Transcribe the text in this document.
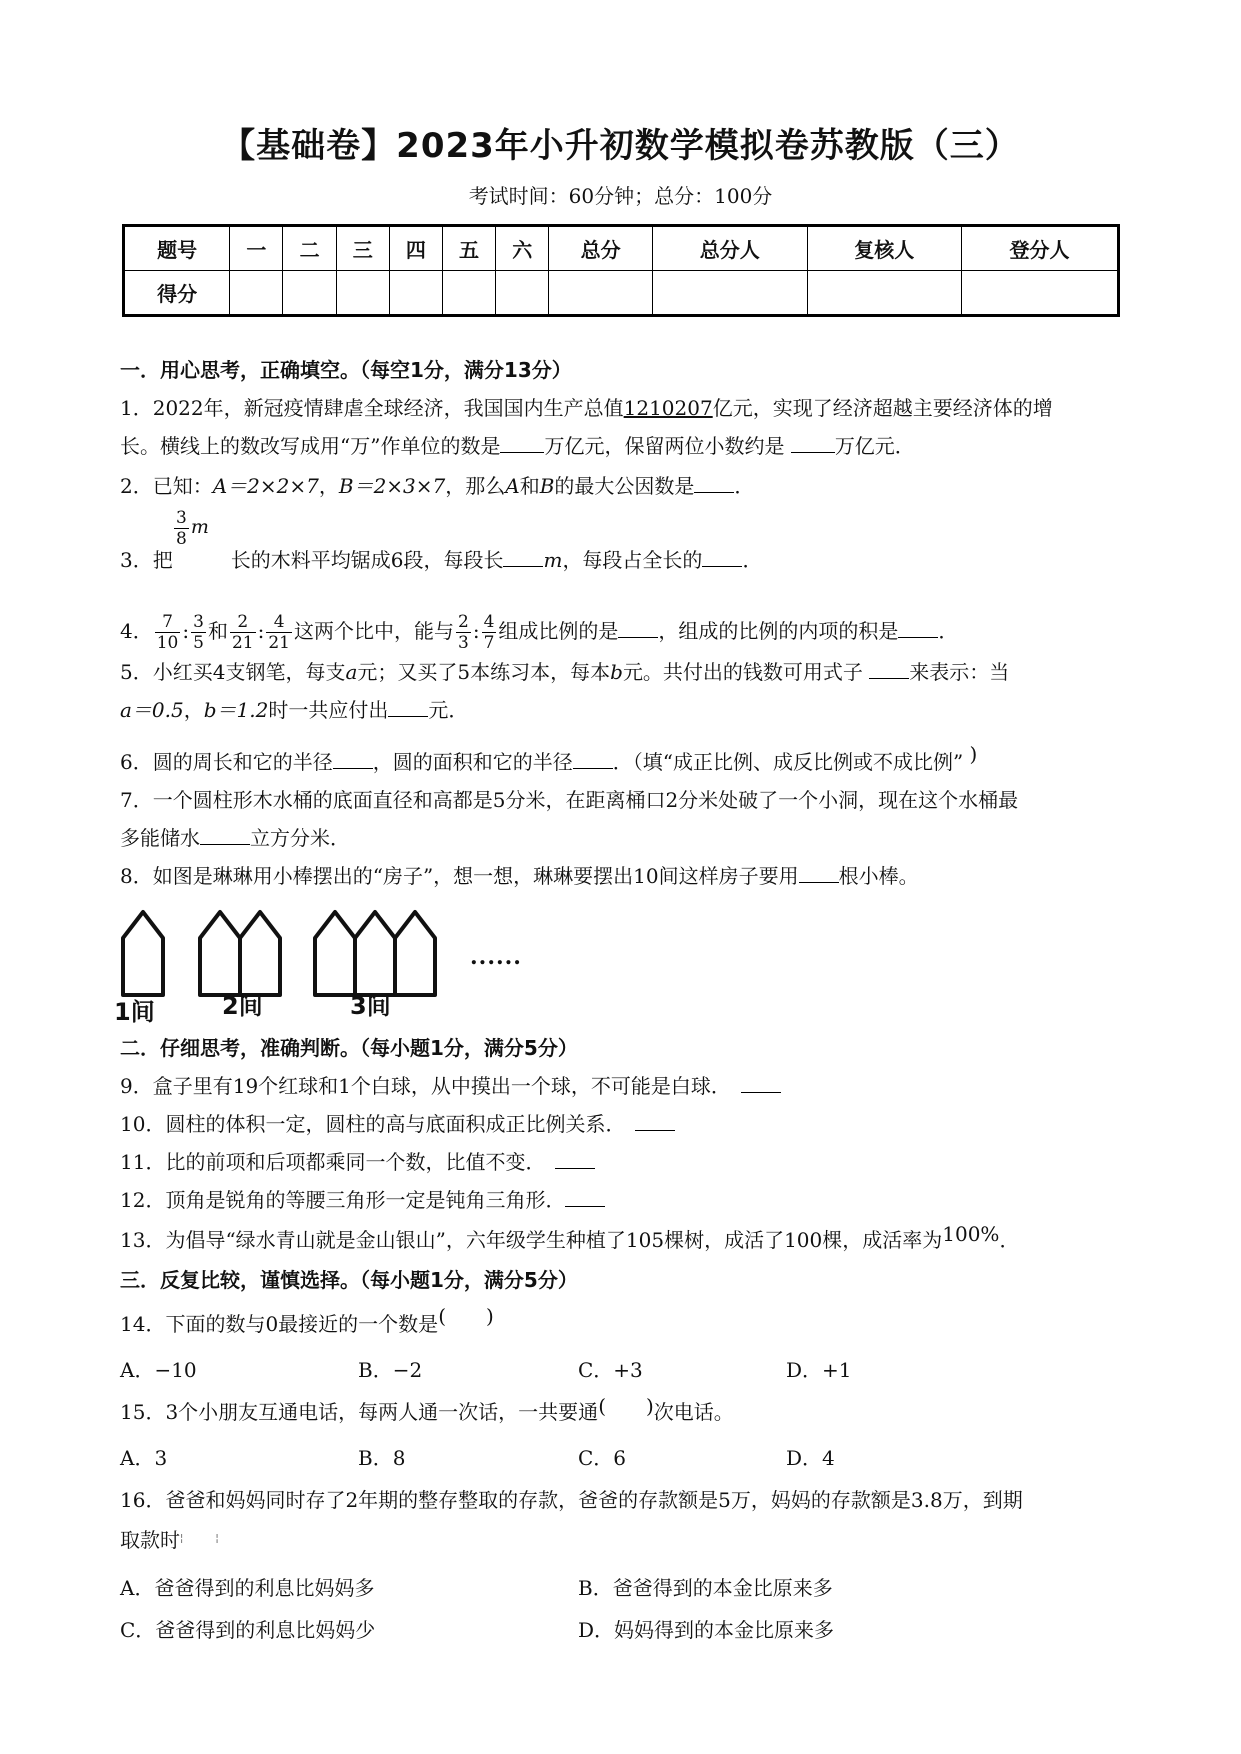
【基础卷】2023年小升初数学模拟卷苏教版（三）
考试时间：60分钟；总分：100分
题号	一	二	三	四	五	六	总分	总分人	复核人	登分人
得分										
一．用心思考，正确填空。（每空1分，满分13分）
1．2022年，新冠疫情肆虐全球经济，我国国内生产总值1210207亿元，实现了经济超越主要经济体的增
长。横线上的数改写成用“万”作单位的数是 万亿元，保留两位小数约是	万亿元．
2．已知：A＝2×2×7，B＝2×3×7，那么A和B的最大公因数是 ．
3．把	长的木料平均锯成6段，每段长 m，每段占全长的 ．
$\frac{3}{8}$ m
4． $\frac{7}{10}$ : $\frac{3}{5}$ 和 $\frac{2}{21}$ : $\frac{4}{21}$ 这两个比中，能与 $\frac{2}{3}$ : $\frac{4}{7}$ 组成比例的是 ，组成的比例的内项的积是 ．
5．小红买4支钢笔，每支a元；又买了5本练习本，每本b元。共付出的钱数可用式子 来表示：当
a＝0.5，b＝1.2时一共应付出 元．
6．圆的周长和它的半径 ，圆的面积和它的半径 ．（填“成正比例、成反比例或不成比例” )
7．一个圆柱形木水桶的底面直径和高都是5分米，在距离桶口2分米处破了一个小洞，现在这个水桶最
多能储水	立方分米．
8．如图是琳琳用小棒摆出的“房子”，想一想，琳琳要摆出10间这样房子要用 根小棒。
......
1间	2间	3间
二．仔细思考，准确判断。（每小题1分，满分5分）
9．盒子里有19个红球和1个白球，从中摸出一个球，不可能是白球．　
10．圆柱的体积一定，圆柱的高与底面积成正比例关系．　
11．比的前项和后项都乘同一个数，比值不变．　
12．顶角是锐角的等腰三角形一定是钝角三角形．
13．为倡导“绿水青山就是金山银山”，六年级学生种植了105棵树，成活了100棵，成活率为100%．
三．反复比较，谨慎选择。（每小题1分，满分5分）
14．下面的数与0最接近的一个数是(　　)
A．−10	B．−2	C．+3	D．+1
15．3个小朋友互通电话，每两人通一次话，一共要通(　　)次电话。
A．3	B．8	C．6	D．4
16．爸爸和妈妈同时存了2年期的整存整取的存款，爸爸的存款额是5万，妈妈的存款额是3.8万，到期
取款时¦　　¦
A．爸爸得到的利息比妈妈多	B．爸爸得到的本金比原来多
C．爸爸得到的利息比妈妈少	D．妈妈得到的本金比原来多
